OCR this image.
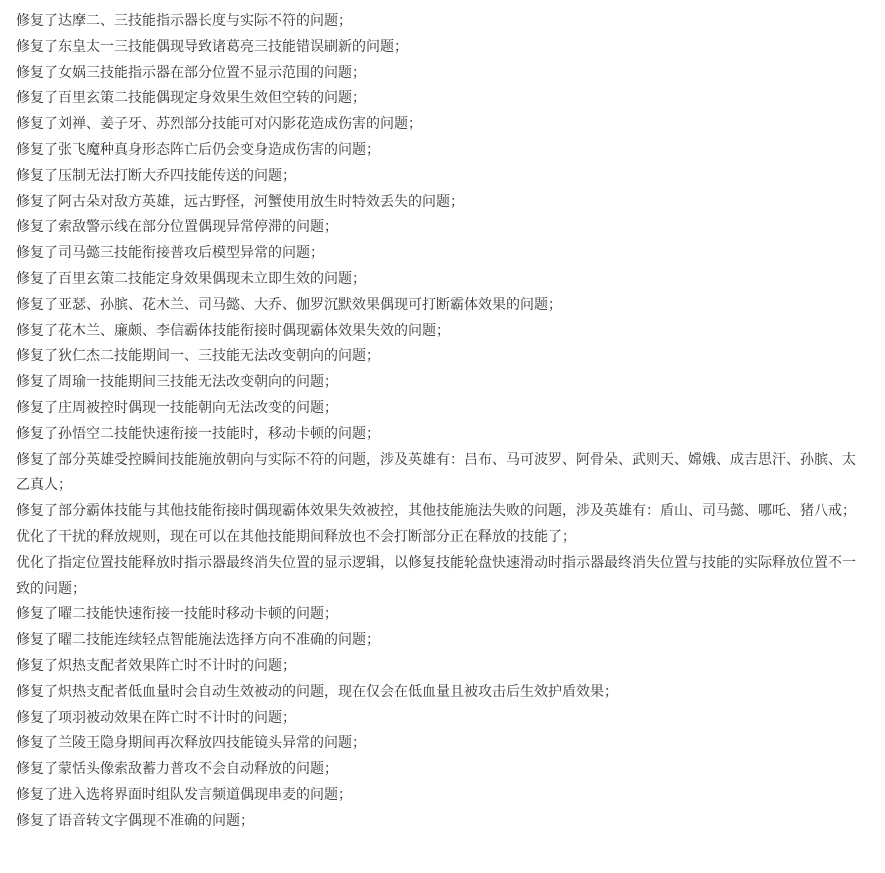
修复了达摩二、三技能指示器长度与实际不符的问题；
修复了东皇太一三技能偶现导致诸葛亮三技能错误刷新的问题；
修复了女娲三技能指示器在部分位置不显示范围的问题；
修复了百里玄策二技能偶现定身效果生效但空转的问题；
修复了刘禅、姜子牙、苏烈部分技能可对闪影花造成伤害的问题；
修复了张飞魔种真身形态阵亡后仍会变身造成伤害的问题；
修复了压制无法打断大乔四技能传送的问题；
修复了阿古朵对敌方英雄，远古野怪，河蟹使用放生时特效丢失的问题；
修复了索敌警示线在部分位置偶现异常停滞的问题；
修复了司马懿三技能衔接普攻后模型异常的问题；
修复了百里玄策二技能定身效果偶现未立即生效的问题；
修复了亚瑟、孙膑、花木兰、司马懿、大乔、伽罗沉默效果偶现可打断霸体效果的问题；
修复了花木兰、廉颇、李信霸体技能衔接时偶现霸体效果失效的问题；
修复了狄仁杰二技能期间一、三技能无法改变朝向的问题；
修复了周瑜一技能期间三技能无法改变朝向的问题；
修复了庄周被控时偶现一技能朝向无法改变的问题；
修复了孙悟空二技能快速衔接一技能时，移动卡顿的问题；
修复了部分英雄受控瞬间技能施放朝向与实际不符的问题，涉及英雄有：吕布、马可波罗、阿骨朵、武则天、嫦娥、成吉思汗、孙膑、太乙真人；
修复了部分霸体技能与其他技能衔接时偶现霸体效果失效被控，其他技能施法失败的问题，涉及英雄有：盾山、司马懿、哪吒、猪八戒；
优化了干扰的释放规则，现在可以在其他技能期间释放也不会打断部分正在释放的技能了；
优化了指定位置技能释放时指示器最终消失位置的显示逻辑，以修复技能轮盘快速滑动时指示器最终消失位置与技能的实际释放位置不一致的问题；
修复了曜二技能快速衔接一技能时移动卡顿的问题；
修复了曜二技能连续轻点智能施法选择方向不准确的问题；
修复了炽热支配者效果阵亡时不计时的问题；
修复了炽热支配者低血量时会自动生效被动的问题，现在仅会在低血量且被攻击后生效护盾效果；
修复了项羽被动效果在阵亡时不计时的问题；
修复了兰陵王隐身期间再次释放四技能镜头异常的问题；
修复了蒙恬头像索敌蓄力普攻不会自动释放的问题；
修复了进入选将界面时组队发言频道偶现串麦的问题；
修复了语音转文字偶现不准确的问题；
